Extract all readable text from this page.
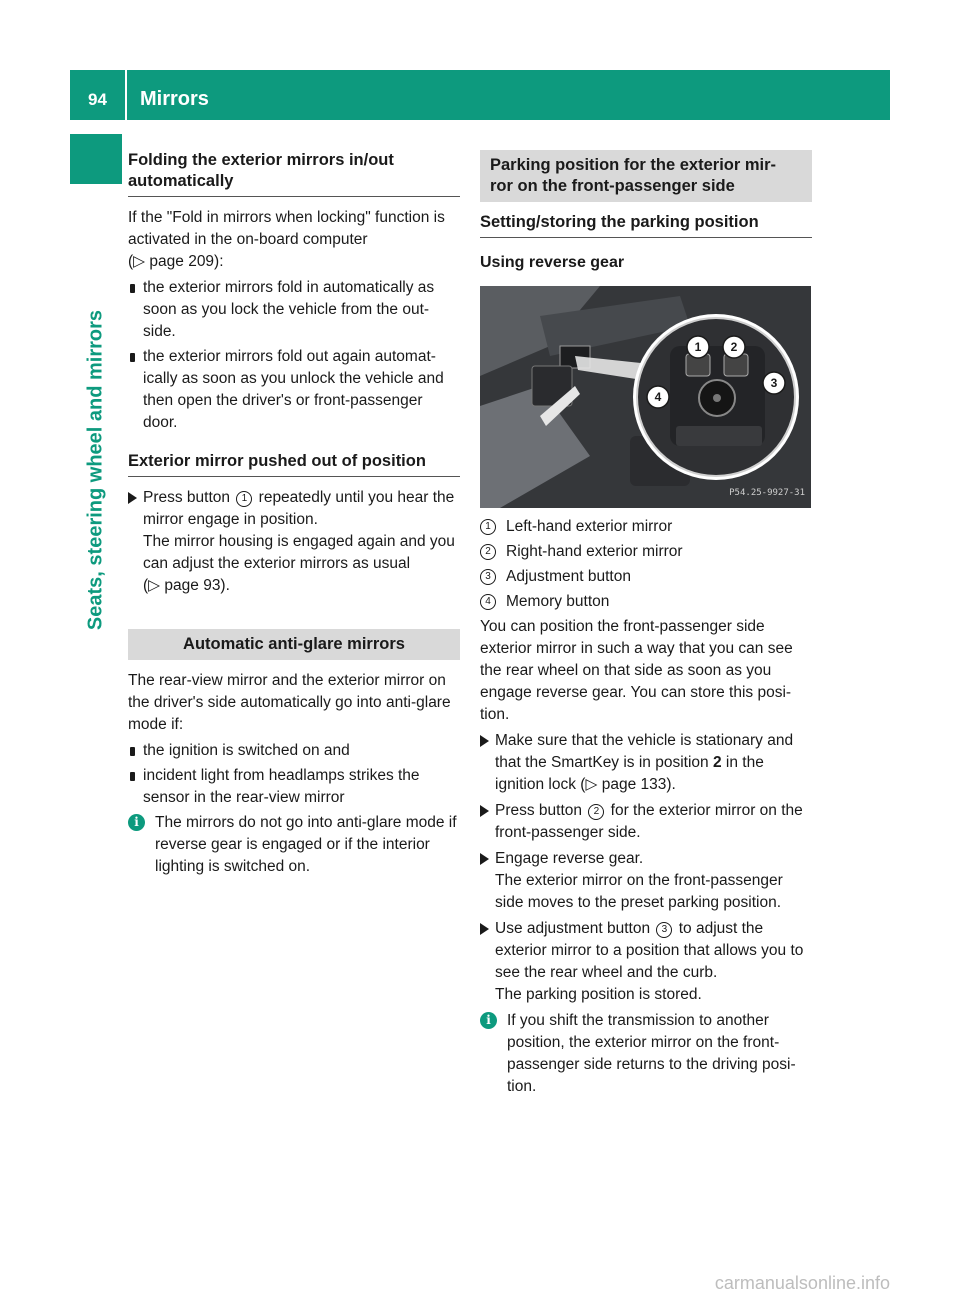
94	Mirrors
Seats, steering wheel and mirrors
Folding the exterior mirrors in/out
automatically

If the "Fold in mirrors when locking" function is activated in the on-board computer
(▷ page 209):

the exterior mirrors fold in automatically as soon as you lock the vehicle from the out-side.
the exterior mirrors fold out again automat-ically as soon as you unlock the vehicle and then open the driver's or front-passenger door.
Exterior mirror pushed out of position
Press button 1 repeatedly until you hear the mirror engage in position.
The mirror housing is engaged again and you can adjust the exterior mirrors as usual
(▷ page 93).
Automatic anti-glare mirrors

The rear-view mirror and the exterior mirror on the driver's side automatically go into anti-glare mode if:

the ignition is switched on and
incident light from headlamps strikes the sensor in the rear-view mirror
i	The mirrors do not go into anti-glare mode if reverse gear is engaged or if the interior lighting is switched on.
Parking position for the exterior mir-
ror on the front-passenger side
Setting/storing the parking position
Using reverse gear
1 2
3
4
P54.25-9927-31
1 Left-hand exterior mirror
2 Right-hand exterior mirror
3 Adjustment button
4 Memory button

You can position the front-passenger side exterior mirror in such a way that you can see the rear wheel on that side as soon as you engage reverse gear. You can store this posi-tion.

Make sure that the vehicle is stationary and that the SmartKey is in position 2 in the ignition lock (▷ page 133).
Press button 2 for the exterior mirror on the front-passenger side.
Engage reverse gear.
The exterior mirror on the front-passenger side moves to the preset parking position.
Use adjustment button 3 to adjust the exterior mirror to a position that allows you to see the rear wheel and the curb.
The parking position is stored.
i	If you shift the transmission to another position, the exterior mirror on the front-passenger side returns to the driving posi-tion.
carmanualsonline.info
